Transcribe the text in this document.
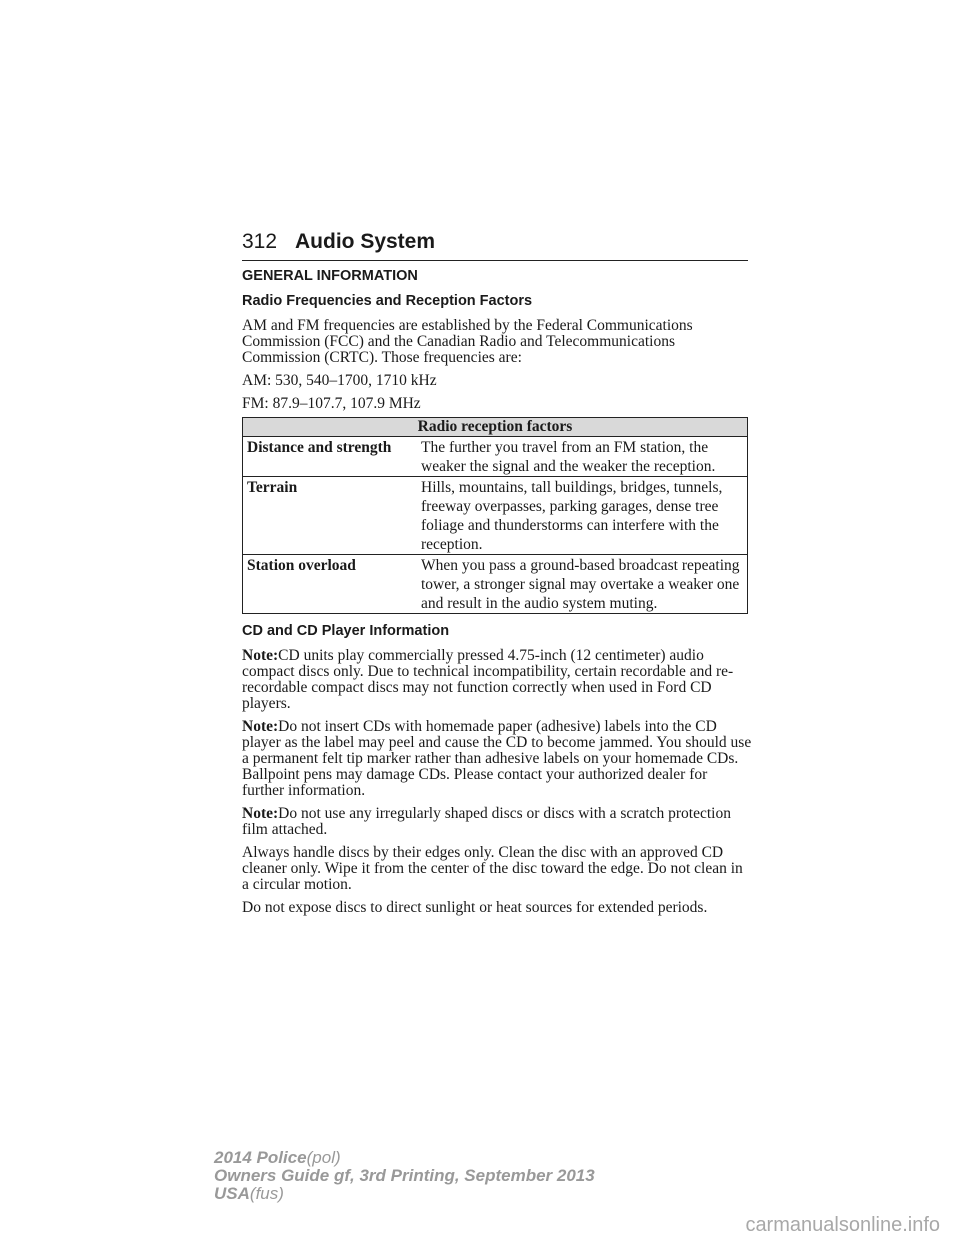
312 Audio System
GENERAL INFORMATION
Radio Frequencies and Reception Factors
AM and FM frequencies are established by the Federal Communications Commission (FCC) and the Canadian Radio and Telecommunications Commission (CRTC). Those frequencies are:
AM: 530, 540–1700, 1710 kHz
FM: 87.9–107.7, 107.9 MHz
Radio reception factors	
Distance and strength	The further you travel from an FM station, the weaker the signal and the weaker the reception.
Terrain	Hills, mountains, tall buildings, bridges, tunnels, freeway overpasses, parking garages, dense tree foliage and thunderstorms can interfere with the reception.
Station overload	When you pass a ground-based broadcast repeating tower, a stronger signal may overtake a weaker one and result in the audio system muting.
CD and CD Player Information
Note:CD units play commercially pressed 4.75-inch (12 centimeter) audio compact discs only. Due to technical incompatibility, certain recordable and re-recordable compact discs may not function correctly when used in Ford CD players.
Note:Do not insert CDs with homemade paper (adhesive) labels into the CD player as the label may peel and cause the CD to become jammed. You should use a permanent felt tip marker rather than adhesive labels on your homemade CDs. Ballpoint pens may damage CDs. Please contact your authorized dealer for further information.
Note:Do not use any irregularly shaped discs or discs with a scratch protection film attached.
Always handle discs by their edges only. Clean the disc with an approved CD cleaner only. Wipe it from the center of the disc toward the edge. Do not clean in a circular motion.
Do not expose discs to direct sunlight or heat sources for extended periods.
2014 Police(pol)
Owners Guide gf, 3rd Printing, September 2013
USA(fus)
carmanualsonline.info
